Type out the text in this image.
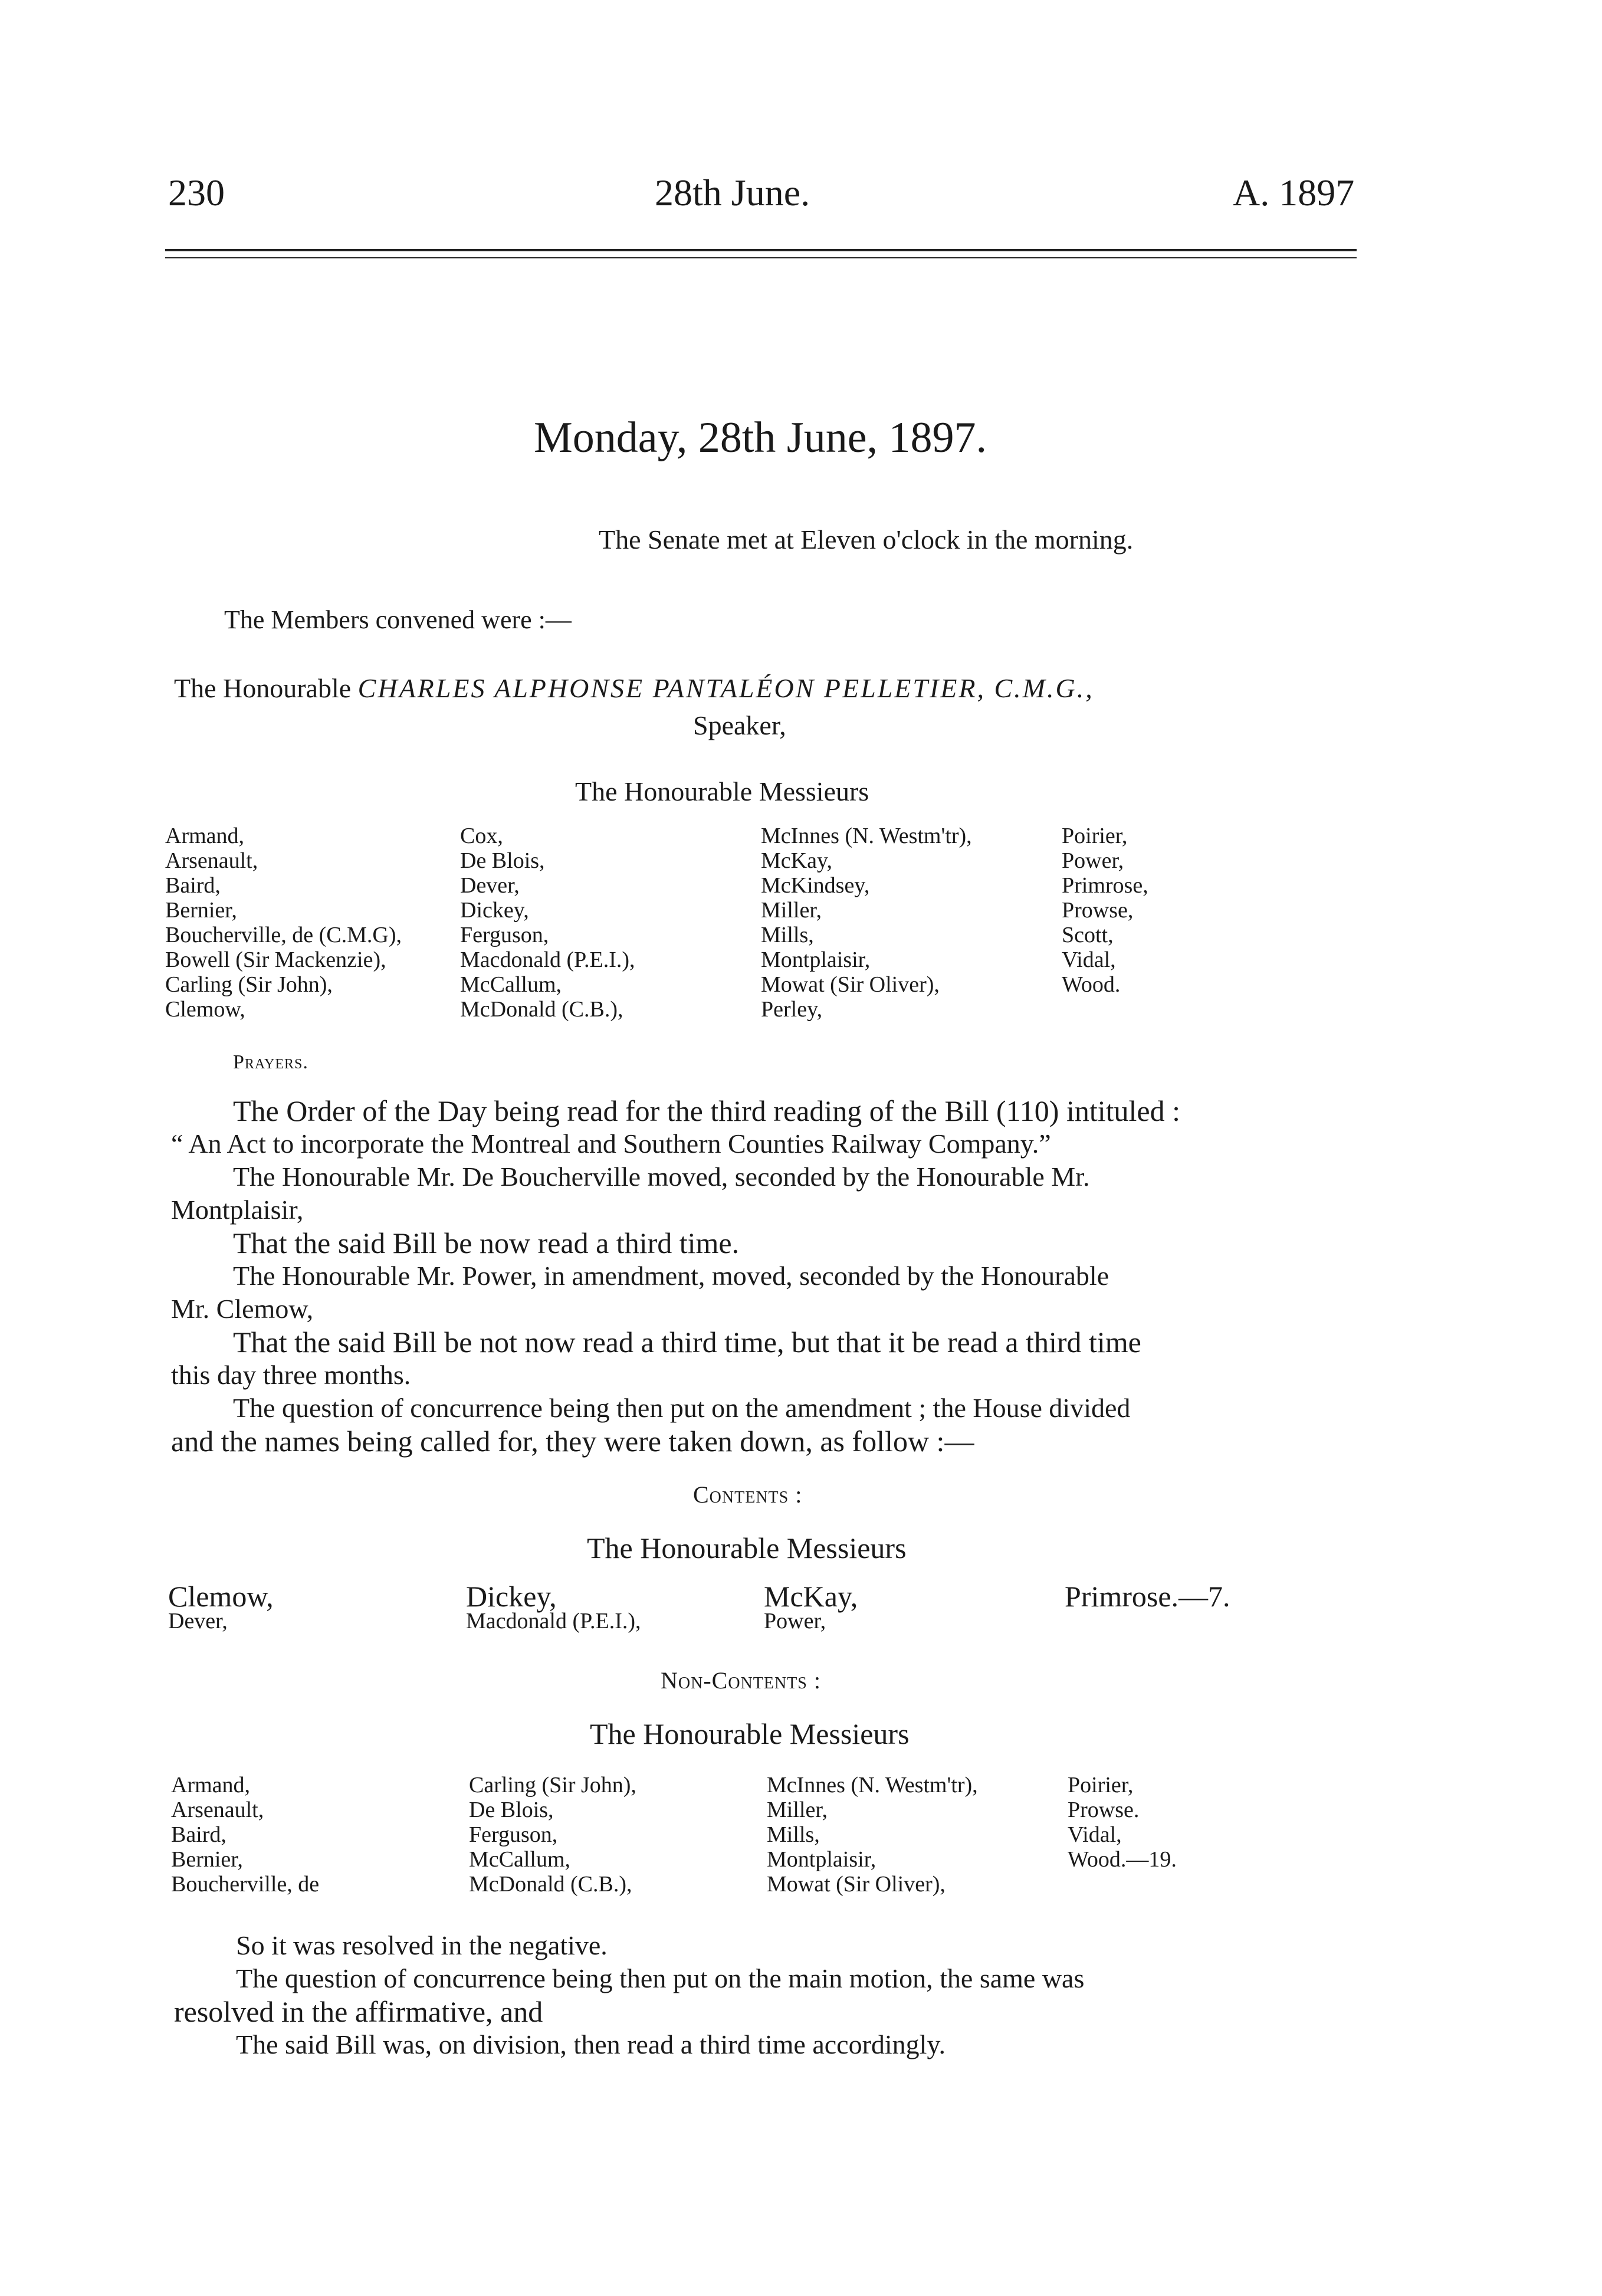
230	28th June.	A. 1897
Monday, 28th June, 1897.
The Senate met at Eleven o'clock in the morning.
The Members convened were :—
The Honourable CHARLES ALPHONSE PANTALÉON PELLETIER, C.M.G.,
Speaker,
The Honourable Messieurs
Armand,
Arsenault,
Baird,
Bernier,
Boucherville, de (C.M.G),
Bowell (Sir Mackenzie),
Carling (Sir John),
Clemow,
Cox,
De Blois,
Dever,
Dickey,
Ferguson,
Macdonald (P.E.I.),
McCallum,
McDonald (C.B.),
McInnes (N. Westm'tr),
McKay,
McKindsey,
Miller,
Mills,
Montplaisir,
Mowat (Sir Oliver),
Perley,
Poirier,
Power,
Primrose,
Prowse,
Scott,
Vidal,
Wood.
Prayers.
The Order of the Day being read for the third reading of the Bill (110) intituled :
“ An Act to incorporate the Montreal and Southern Counties Railway Company.”
The Honourable Mr. De Boucherville moved, seconded by the Honourable Mr.
Montplaisir,
That the said Bill be now read a third time.
The Honourable Mr. Power, in amendment, moved, seconded by the Honourable
Mr. Clemow,
That the said Bill be not now read a third time, but that it be read a third time
this day three months.
The question of concurrence being then put on the amendment ; the House divided
and the names being called for, they were taken down, as follow :—
Contents :
The Honourable Messieurs
Clemow,
Dever,
Dickey,
Macdonald (P.E.I.),
McKay,
Power,
Primrose.—7.
Non-Contents :
The Honourable Messieurs
Armand,
Arsenault,
Baird,
Bernier,
Boucherville, de
Carling (Sir John),
De Blois,
Ferguson,
McCallum,
McDonald (C.B.),
McInnes (N. Westm'tr),
Miller,
Mills,
Montplaisir,
Mowat (Sir Oliver),
Poirier,
Prowse.
Vidal,
Wood.—19.
So it was resolved in the negative.
The question of concurrence being then put on the main motion, the same was
resolved in the affirmative, and
The said Bill was, on division, then read a third time accordingly.
